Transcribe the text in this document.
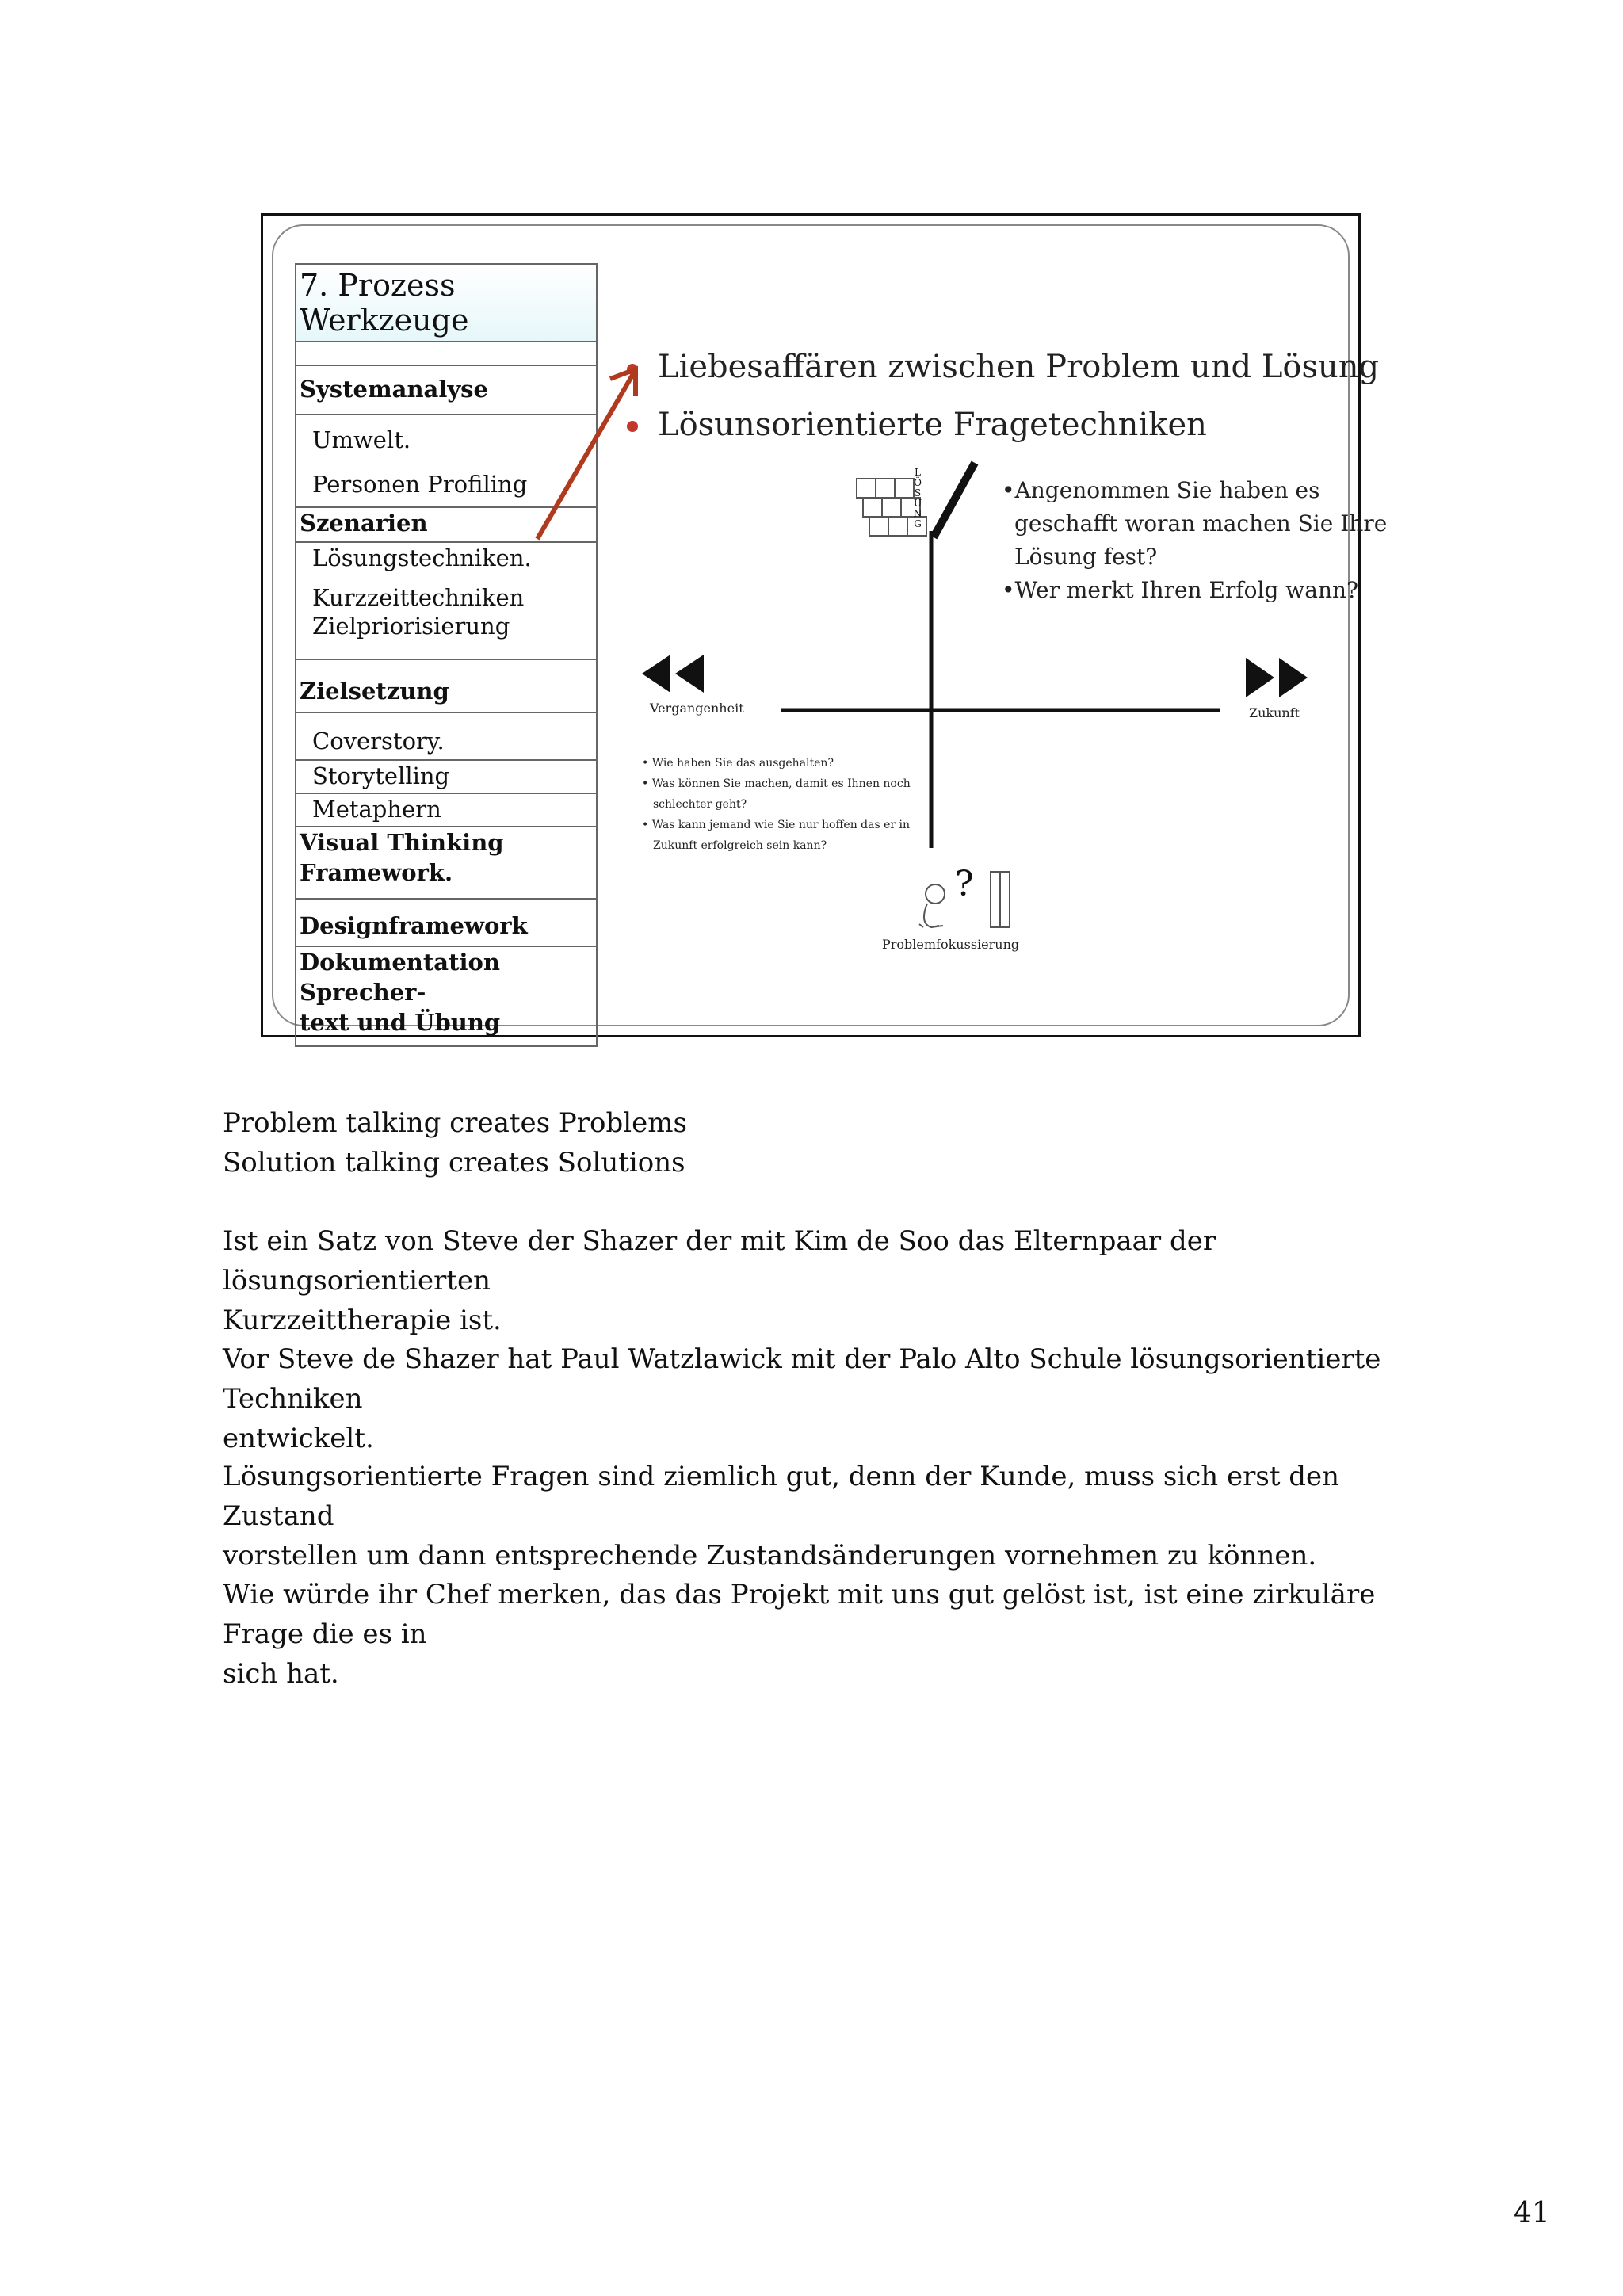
7. Prozess Werkzeuge
Systemanalyse
Umwelt.
Personen Profiling
Szenarien
Lösungstechniken.
Kurzzeittechniken
Zielpriorisierung
Zielsetzung
Coverstory.
Storytelling
Metaphern
Visual Thinking
Framework.
Designframework
Dokumentation
Sprecher-
text und Übung
Liebesaffären zwischen Problem und Lösung
Lösunsorientierte Fragetechniken
?
L
Ö
S
U
N
G
•Angenommen Sie haben es
geschafft woran machen Sie Ihre
Lösung fest?
•Wer merkt Ihren Erfolg wann?
Vergangenheit	Zukunft
Problemfokussierung
• Wie haben Sie das ausgehalten?
• Was können Sie machen, damit es Ihnen noch
schlechter geht?
• Was kann jemand wie Sie nur hoffen das er in
Zukunft erfolgreich sein kann?
Problem talking creates Problems
Solution talking creates Solutions
Ist ein Satz von Steve der Shazer der mit Kim de Soo das Elternpaar der lösungsorientierten
Kurzzeittherapie ist.
Vor Steve de Shazer hat Paul Watzlawick mit der Palo Alto Schule lösungsorientierte Techniken
entwickelt.
Lösungsorientierte Fragen sind ziemlich gut, denn der Kunde, muss sich erst den Zustand
vorstellen um dann entsprechende Zustandsänderungen vornehmen zu können.
Wie würde ihr Chef merken, das das Projekt mit uns gut gelöst ist, ist eine zirkuläre Frage die es in
sich hat.
41
